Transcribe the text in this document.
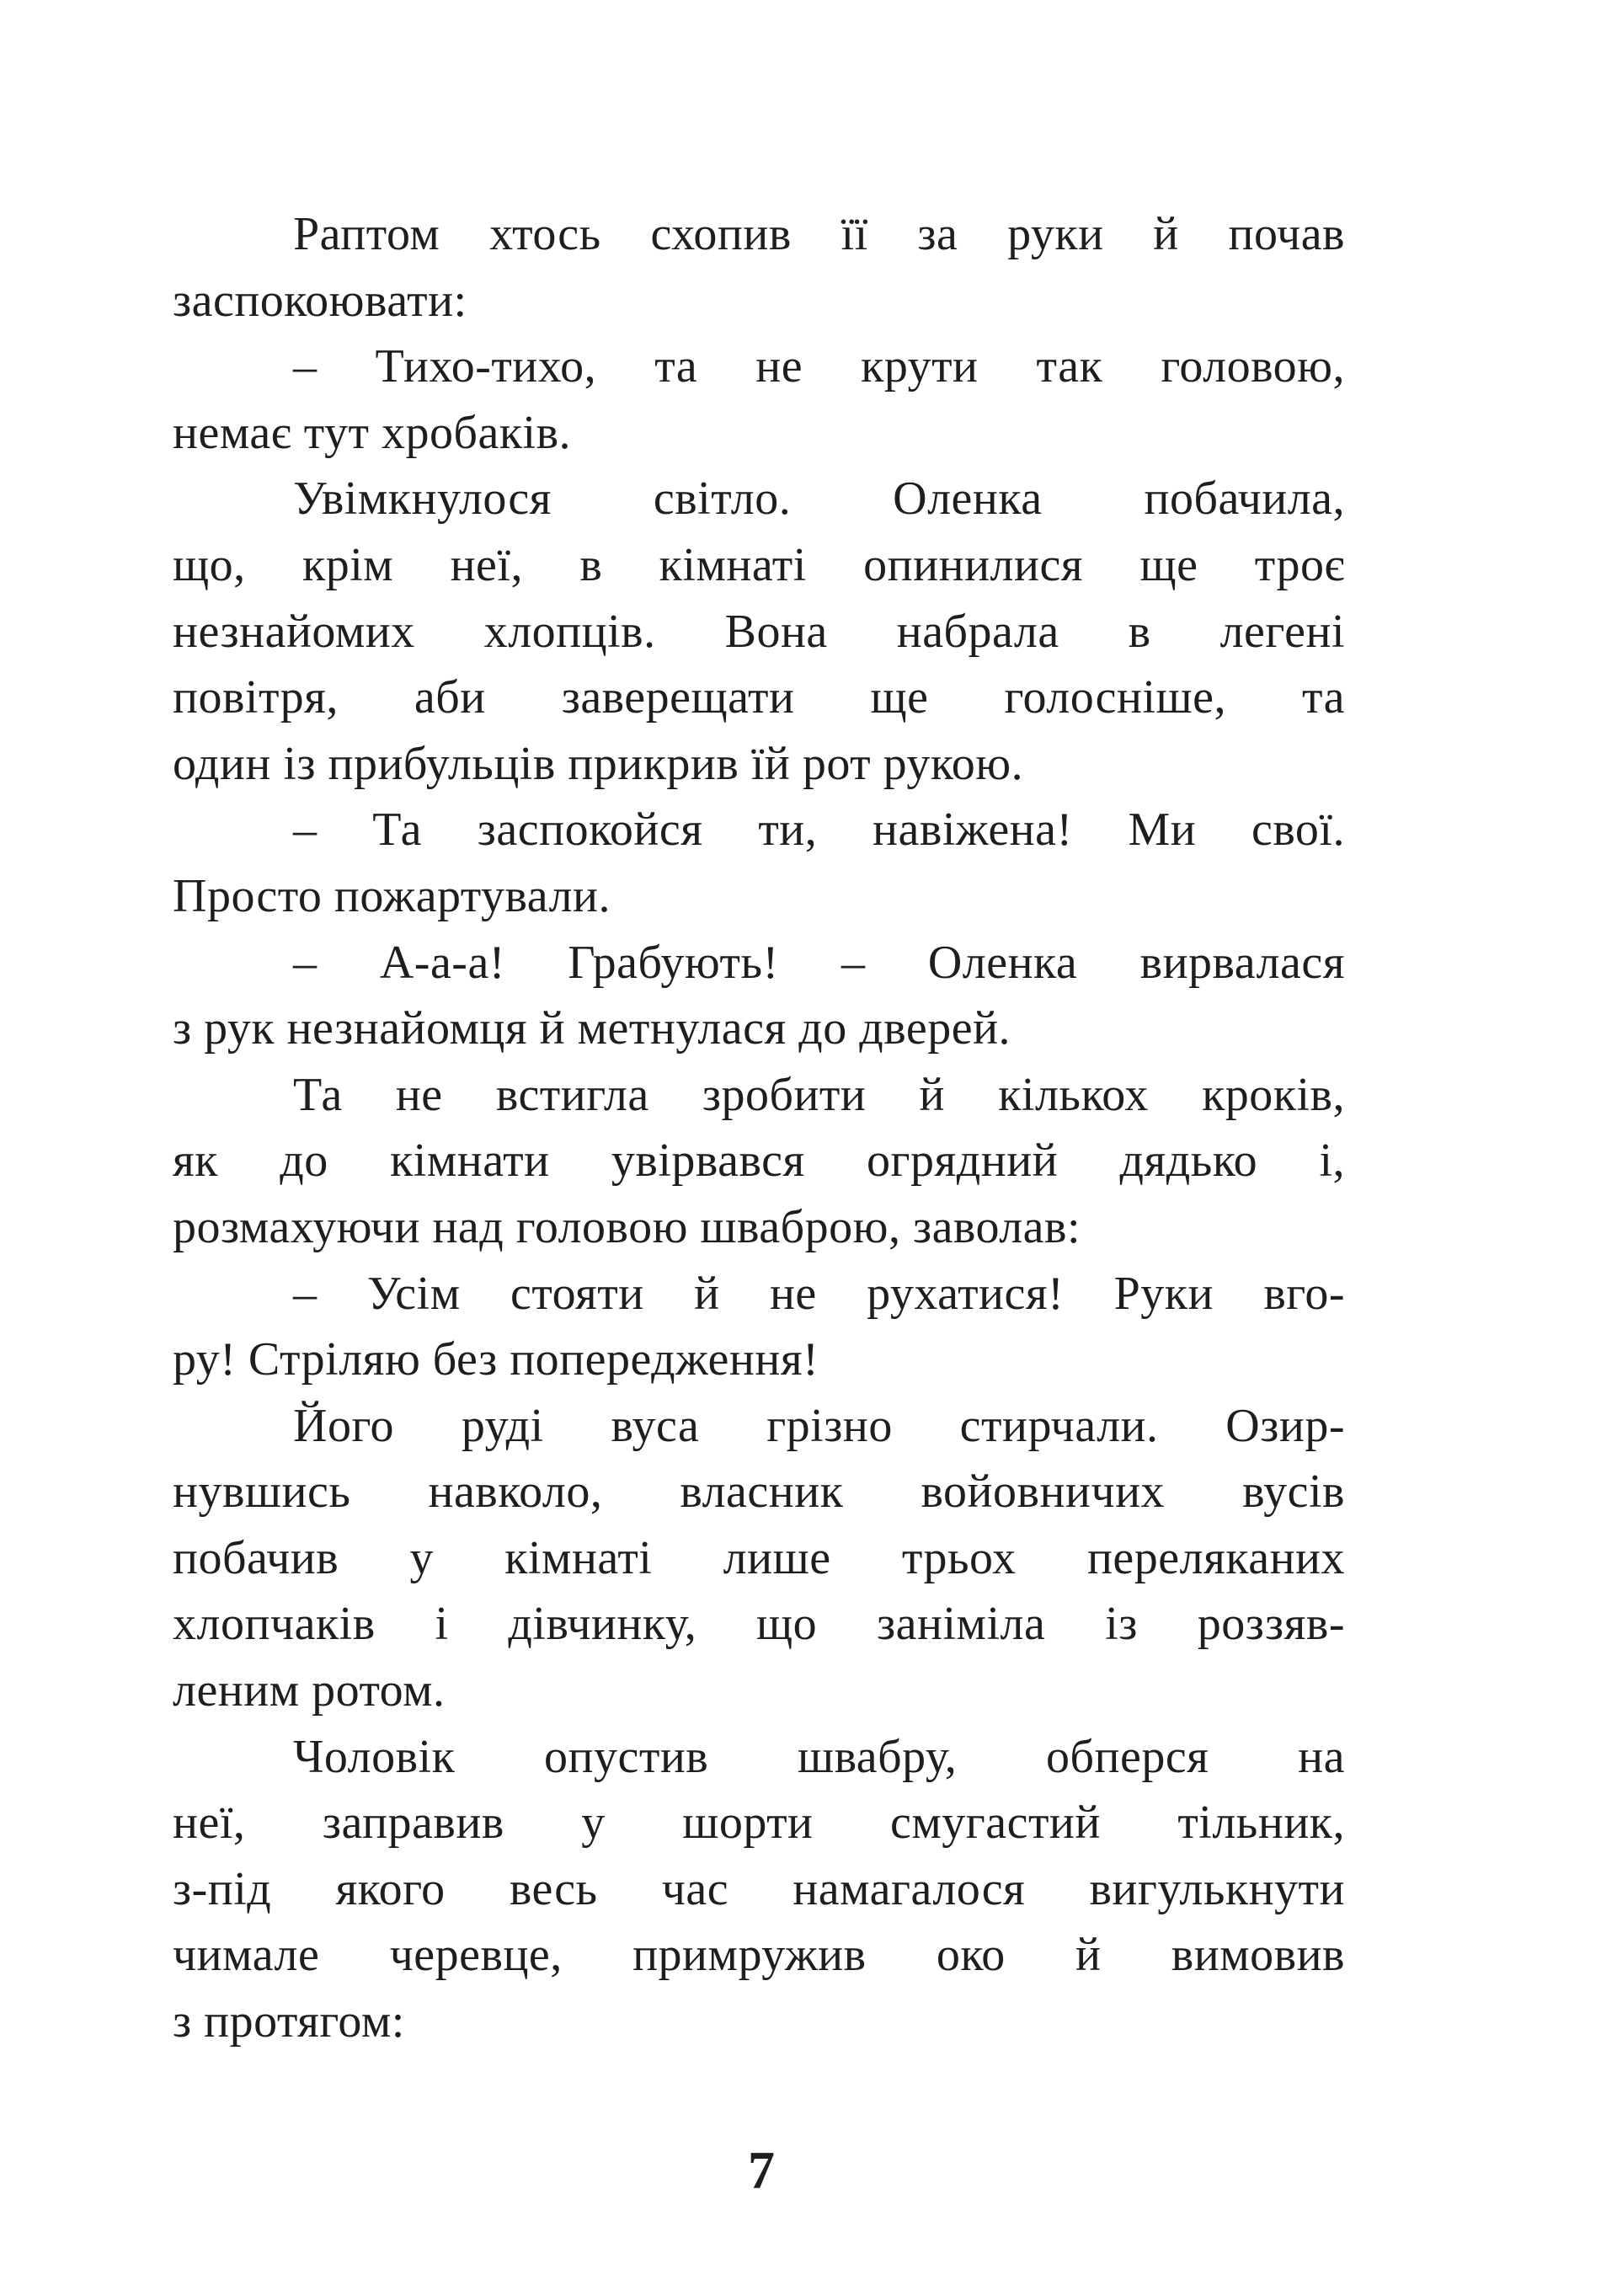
Раптом хтось схопив її за руки й почав
заспокоювати:
– Тихо-тихо, та не крути так головою,
немає тут хробаків.
Увімкнулося світло. Оленка побачила,
що, крім неї, в кімнаті опинилися ще троє
незнайомих хлопців. Вона набрала в легені
повітря, аби заверещати ще голосніше, та
один із прибульців прикрив їй рот рукою.
– Та заспокойся ти, навіжена! Ми свої.
Просто пожартували.
– А-а-а! Грабують! – Оленка вирвалася
з рук незнайомця й метнулася до дверей.
Та не встигла зробити й кількох кроків,
як до кімнати увірвався огрядний дядько і,
розмахуючи над головою шваброю, заволав:
– Усім стояти й не рухатися! Руки вго-
ру! Стріляю без попередження!
Його руді вуса грізно стирчали. Озир-
нувшись навколо, власник войовничих вусів
побачив у кімнаті лише трьох переляканих
хлопчаків і дівчинку, що заніміла із роззяв-
леним ротом.
Чоловік опустив швабру, обперся на
неї, заправив у шорти смугастий тільник,
з-під якого весь час намагалося вигулькнути
чимале черевце, примружив око й вимовив
з протягом:
7
